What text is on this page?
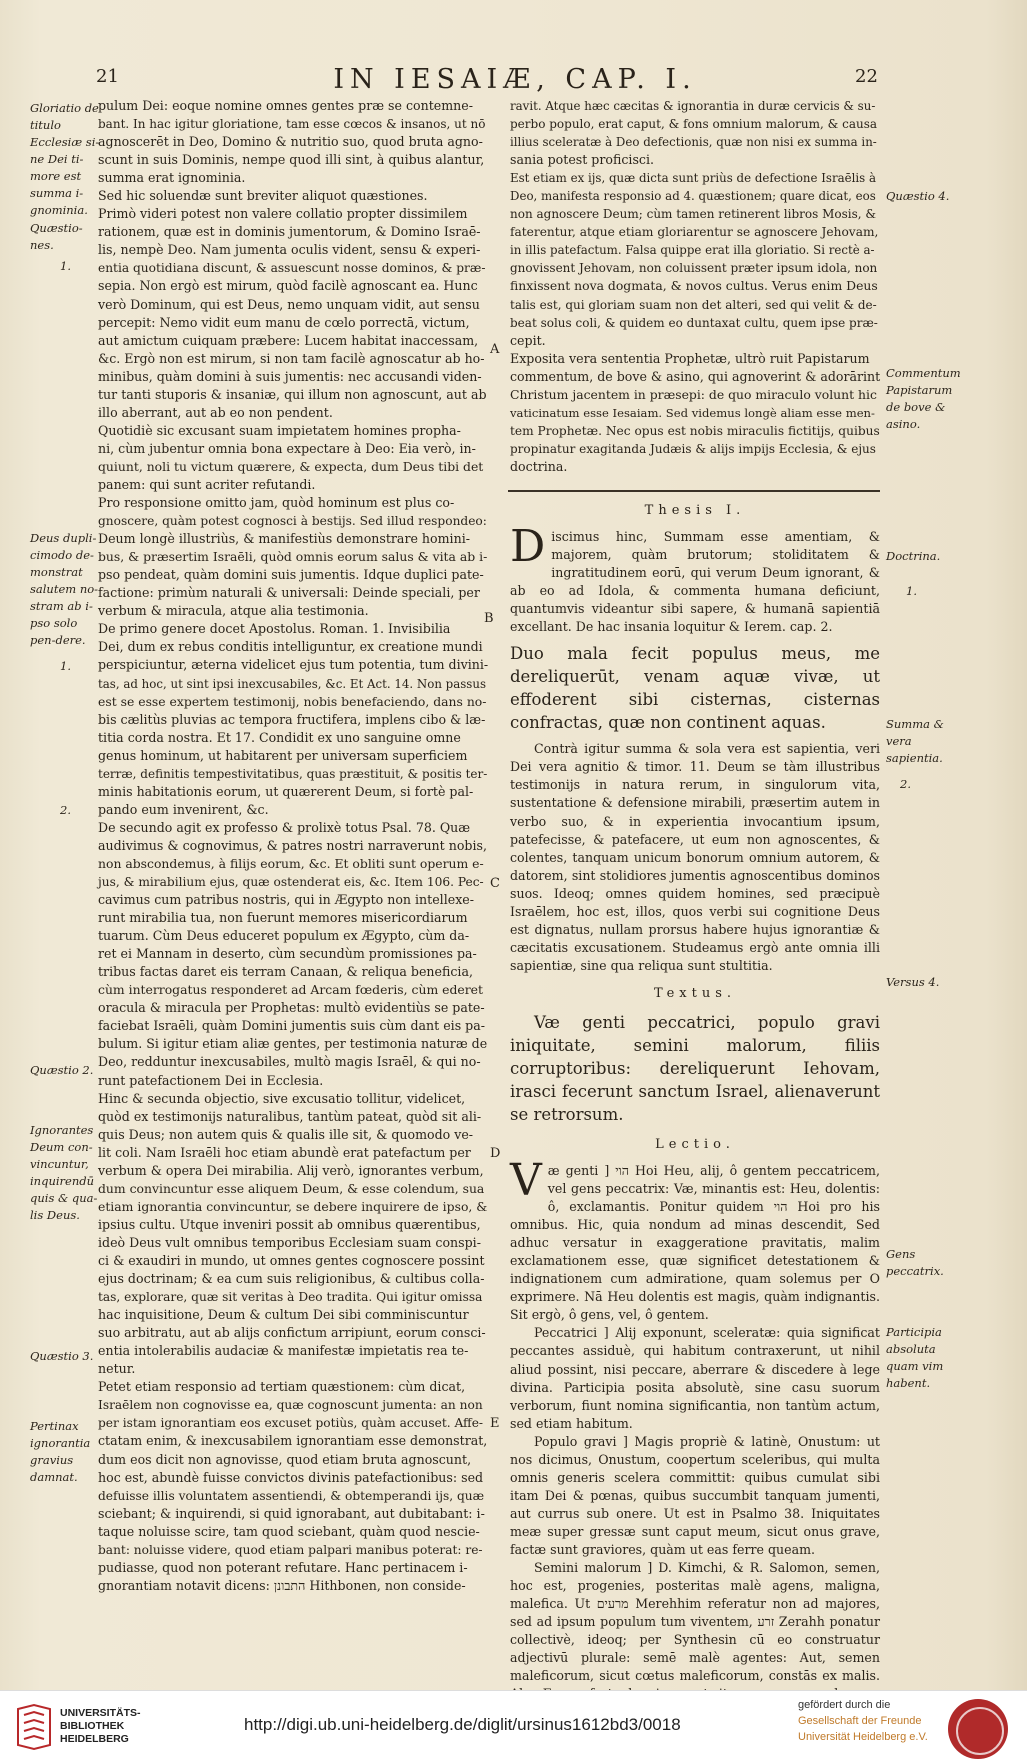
21	IN IESAIÆ, CAP. I.	22
Gloriatio de titulo Ecclesiæ si-ne Dei ti-more est summa i-gnominia.
Quæstio-nes.
1.
Deus dupli-cimodo de-monstrat salutem no-stram ab i-pso solo pen-dere.
1.
2.
Quæstio 2.
Ignorantes Deum con-vincuntur, inquirendū quis & qua-lis Deus.
Quæstio 3.
Pertinax ignorantia gravius damnat.
A
B
C
D
E
pulum Dei: eoque nomine omnes gentes præ se contemne-
bant. In hac igitur gloriatione, tam esse cœcos & insanos, ut nō
agnoscerēt in Deo, Domino & nutritio suo, quod bruta agno-
scunt in suis Dominis, nempe quod illi sint, à quibus alantur,
summa erat ignominia.
Sed hic soluendæ sunt breviter aliquot quæstiones.
Primò videri potest non valere collatio propter dissimilem
rationem, quæ est in dominis jumentorum, & Domino Israē-
lis, nempè Deo. Nam jumenta oculis vident, sensu & experi-
entia quotidiana discunt, & assuescunt nosse dominos, & præ-
sepia. Non ergò est mirum, quòd facilè agnoscant ea. Hunc
verò Dominum, qui est Deus, nemo unquam vidit, aut sensu
percepit: Nemo vidit eum manu de cœlo porrectā, victum,
aut amictum cuiquam præbere: Lucem habitat inaccessam,
&c. Ergò non est mirum, si non tam facilè agnoscatur ab ho-
minibus, quàm domini à suis jumentis: nec accusandi viden-
tur tanti stuporis & insaniæ, qui illum non agnoscunt, aut ab
illo aberrant, aut ab eo non pendent.
Quotidiè sic excusant suam impietatem homines propha-
ni, cùm jubentur omnia bona expectare à Deo: Eia verò, in-
quiunt, noli tu victum quærere, & expecta, dum Deus tibi det
panem: qui sunt acriter refutandi.
Pro responsione omitto jam, quòd hominum est plus co-
gnoscere, quàm potest cognosci à bestijs. Sed illud respondeo:
Deum longè illustriùs, & manifestiùs demonstrare homini-
bus, & præsertim Israēli, quòd omnis eorum salus & vita ab i-
pso pendeat, quàm domini suis jumentis. Idque duplici pate-
factione: primùm naturali & universali: Deinde speciali, per
verbum & miracula, atque alia testimonia.
De primo genere docet Apostolus. Roman. 1. Invisibilia
Dei, dum ex rebus conditis intelliguntur, ex creatione mundi
perspiciuntur, æterna videlicet ejus tum potentia, tum divini-
tas, ad hoc, ut sint ipsi inexcusabiles, &c. Et Act. 14. Non passus
est se esse expertem testimonij, nobis benefaciendo, dans no-
bis cælitùs pluvias ac tempora fructifera, implens cibo & læ-
titia corda nostra. Et 17. Condidit ex uno sanguine omne
genus hominum, ut habitarent per universam superficiem
terræ, definitis tempestivitatibus, quas præstituit, & positis ter-
minis habitationis eorum, ut quærerent Deum, si fortè pal-
pando eum invenirent, &c.
De secundo agit ex professo & prolixè totus Psal. 78. Quæ
audivimus & cognovimus, & patres nostri narraverunt nobis,
non abscondemus, à filijs eorum, &c. Et obliti sunt operum e-
jus, & mirabilium ejus, quæ ostenderat eis, &c. Item 106. Pec-
cavimus cum patribus nostris, qui in Ægypto non intellexe-
runt mirabilia tua, non fuerunt memores misericordiarum
tuarum. Cùm Deus educeret populum ex Ægypto, cùm da-
ret ei Mannam in deserto, cùm secundùm promissiones pa-
tribus factas daret eis terram Canaan, & reliqua beneficia,
cùm interrogatus responderet ad Arcam fœderis, cùm ederet
oracula & miracula per Prophetas: multò evidentiùs se pate-
faciebat Israēli, quàm Domini jumentis suis cùm dant eis pa-
bulum. Si igitur etiam aliæ gentes, per testimonia naturæ de
Deo, redduntur inexcusabiles, multò magis Israēl, & qui no-
runt patefactionem Dei in Ecclesia.
Hinc & secunda objectio, sive excusatio tollitur, videlicet,
quòd ex testimonijs naturalibus, tantùm pateat, quòd sit ali-
quis Deus; non autem quis & qualis ille sit, & quomodo ve-
lit coli. Nam Israēli hoc etiam abundè erat patefactum per
verbum & opera Dei mirabilia. Alij verò, ignorantes verbum,
dum convincuntur esse aliquem Deum, & esse colendum, sua
etiam ignorantia convincuntur, se debere inquirere de ipso, &
ipsius cultu. Utque inveniri possit ab omnibus quærentibus,
ideò Deus vult omnibus temporibus Ecclesiam suam conspi-
ci & exaudiri in mundo, ut omnes gentes cognoscere possint
ejus doctrinam; & ea cum suis religionibus, & cultibus colla-
tas, explorare, quæ sit veritas à Deo tradita. Qui igitur omissa
hac inquisitione, Deum & cultum Dei sibi comminiscuntur
suo arbitratu, aut ab alijs confictum arripiunt, eorum consci-
entia intolerabilis audaciæ & manifestæ impietatis rea te-
netur.
Petet etiam responsio ad tertiam quæstionem: cùm dicat,
Israēlem non cognovisse ea, quæ cognoscunt jumenta: an non
per istam ignorantiam eos excuset potiùs, quàm accuset. Affe-
ctatam enim, & inexcusabilem ignorantiam esse demonstrat,
dum eos dicit non agnovisse, quod etiam bruta agnoscunt,
hoc est, abundè fuisse convictos divinis patefactionibus: sed
defuisse illis voluntatem assentiendi, & obtemperandi ijs, quæ
sciebant; & inquirendi, si quid ignorabant, aut dubitabant: i-
taque noluisse scire, tam quod sciebant, quàm quod nescie-
bant: noluisse videre, quod etiam palpari manibus poterat: re-
pudiasse, quod non poterant refutare. Hanc pertinacem i-
gnorantiam notavit dicens: התבונן Hithbonen, non conside-
ravit. Atque hæc cæcitas & ignorantia in duræ cervicis & su-
perbo populo, erat caput, & fons omnium malorum, & causa
illius sceleratæ à Deo defectionis, quæ non nisi ex summa in-
sania potest proficisci.
Est etiam ex ijs, quæ dicta sunt priùs de defectione Israēlis à
Deo, manifesta responsio ad 4. quæstionem; quare dicat, eos
non agnoscere Deum; cùm tamen retinerent libros Mosis, &
faterentur, atque etiam gloriarentur se agnoscere Jehovam,
in illis patefactum. Falsa quippe erat illa gloriatio. Si rectè a-
gnovissent Jehovam, non coluissent præter ipsum idola, non
finxissent nova dogmata, & novos cultus. Verus enim Deus
talis est, qui gloriam suam non det alteri, sed qui velit & de-
beat solus coli, & quidem eo duntaxat cultu, quem ipse præ-
cepit.
Exposita vera sententia Prophetæ, ultrò ruit Papistarum
commentum, de bove & asino, qui agnoverint & adorārint
Christum jacentem in præsepi: de quo miraculo volunt hic
vaticinatum esse Iesaiam. Sed videmus longè aliam esse men-
tem Prophetæ. Nec opus est nobis miraculis fictitijs, quibus
propinatur exagitanda Judæis & alijs impijs Ecclesia, & ejus
doctrina.
Thesis I.

Discimus hinc, Summam esse amentiam, & majorem, quàm brutorum; stoliditatem & ingratitudinem eorū, qui verum Deum ignorant, & ab eo ad Idola, & commenta humana deficiunt, quantumvis videantur sibi sapere, & humanā sapientiā excellant. De hac insania loquitur & Ierem. cap. 2.

Duo mala fecit populus meus, me dereliquerūt, venam aquæ vivæ, ut effoderent sibi cisternas, cisternas confractas, quæ non continent aquas.

Contrà igitur summa & sola vera est sapientia, veri Dei vera agnitio & timor. 11. Deum se tàm illustribus testimonijs in natura rerum, in singulorum vita, sustentatione & defensione mirabili, præsertim autem in verbo suo, & in experientia invocantium ipsum, patefecisse, & patefacere, ut eum non agnoscentes, & colentes, tanquam unicum bonorum omnium autorem, & datorem, sint stolidiores jumentis agnoscentibus dominos suos. Ideoq; omnes quidem homines, sed præcipuè Israēlem, hoc est, illos, quos verbi sui cognitione Deus est dignatus, nullam prorsus habere hujus ignorantiæ & cæcitatis excusationem. Studeamus ergò ante omnia illi sapientiæ, sine qua reliqua sunt stultitia.

Textus.

Væ genti peccatrici, populo gravi iniquitate, semini malorum, filiis corruptoribus: dereliquerunt Iehovam, irasci fecerunt sanctum Israel, alienaverunt se retrorsum.

Lectio.

Væ genti ] הוי Hoi Heu, alij, ô gentem peccatricem, vel gens peccatrix: Væ, minantis est: Heu, dolentis: ô, exclamantis. Ponitur quidem הוי Hoi pro his omnibus. Hic, quia nondum ad minas descendit, Sed adhuc versatur in exaggeratione pravitatis, malim exclamationem esse, quæ significet detestationem & indignationem cum admiratione, quam solemus per O exprimere. Nā Heu dolentis est magis, quàm indignantis. Sit ergò, ô gens, vel, ô gentem.

Peccatrici ] Alij exponunt, sceleratæ: quia significat peccantes assiduè, qui habitum contraxerunt, ut nihil aliud possint, nisi peccare, aberrare & discedere à lege divina. Participia posita absolutè, sine casu suorum verborum, fiunt nomina significantia, non tantùm actum, sed etiam habitum.

Populo gravi ] Magis propriè & latinè, Onustum: ut nos dicimus, Onustum, coopertum sceleribus, qui multa omnis generis scelera committit: quibus cumulat sibi itam Dei & pœnas, quibus succumbit tanquam jumenti, aut currus sub onere. Ut est in Psalmo 38. Iniquitates meæ super gressæ sunt caput meum, sicut onus grave, factæ sunt graviores, quàm ut eas ferre queam.

Semini malorum ] D. Kimchi, & R. Salomon, semen, hoc est, progenies, posteritas malè agens, maligna, malefica. Ut מרעים Merehhim referatur non ad majores, sed ad ipsum populum tum viventem, זרע Zerahh ponatur collectivè, ideoq; per Synthesin cū eo construatur adjectivū plurale: semē malè agentes: Aut, semen maleficorum, sicut cœtus maleficorum, constās ex malis.

Quæstio 4.
Commentum Papistarum de bove & asino.
Doctrina.
1.
Summa & vera sapientia.
2.
Versus 4.
Gens peccatrix.
Participia absoluta quam vim habent.
UNIVERSITÄTS-
BIBLIOTHEK
HEIDELBERG
http://digi.ub.uni-heidelberg.de/diglit/ursinus1612bd3/0018
gefördert durch die
Gesellschaft der Freunde
Universität Heidelberg e.V.
